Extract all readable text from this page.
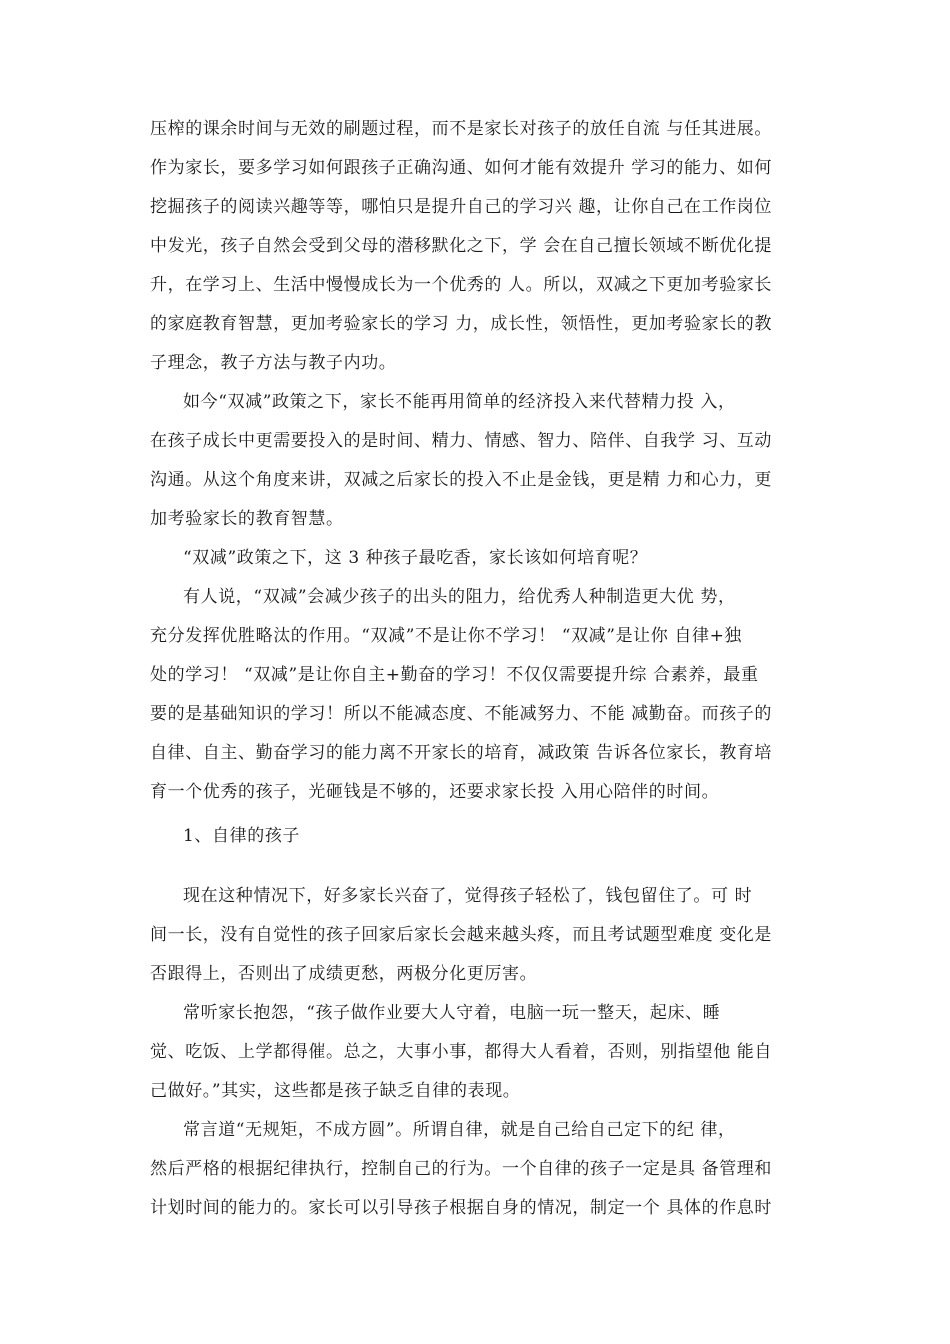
压榨的课余时间与无效的刷题过程，而不是家长对孩子的放任自流 与任其进展。
作为家长，要多学习如何跟孩子正确沟通、如何才能有效提升 学习的能力、如何
挖掘孩子的阅读兴趣等等，哪怕只是提升自己的学习兴 趣，让你自己在工作岗位
中发光，孩子自然会受到父母的潜移默化之下，学 会在自己擅长领域不断优化提
升，在学习上、生活中慢慢成长为一个优秀的 人。所以，双减之下更加考验家长
的家庭教育智慧，更加考验家长的学习 力，成长性，领悟性，更加考验家长的教
子理念，教子方法与教子内功。
如今“双减”政策之下，家长不能再用简单的经济投入来代替精力投 入，
在孩子成长中更需要投入的是时间、精力、情感、智力、陪伴、自我学 习、互动
沟通。从这个角度来讲，双减之后家长的投入不止是金钱，更是精 力和心力，更
加考验家长的教育智慧。
“双减”政策之下，这 3 种孩子最吃香，家长该如何培育呢？
有人说，“双减”会减少孩子的出头的阻力，给优秀人种制造更大优 势，
充分发挥优胜略汰的作用。“双减”不是让你不学习！ “双减”是让你 自律+独
处的学习！ “双减”是让你自主+勤奋的学习！不仅仅需要提升综 合素养，最重
要的是基础知识的学习！所以不能减态度、不能减努力、不能 减勤奋。而孩子的
自律、自主、勤奋学习的能力离不开家长的培育，减政策 告诉各位家长，教育培
育一个优秀的孩子，光砸钱是不够的，还要求家长投 入用心陪伴的时间。
1、自律的孩子
现在这种情况下，好多家长兴奋了，觉得孩子轻松了，钱包留住了。可 时
间一长，没有自觉性的孩子回家后家长会越来越头疼，而且考试题型难度 变化是
否跟得上，否则出了成绩更愁，两极分化更厉害。
常听家长抱怨，“孩子做作业要大人守着，电脑一玩一整天，起床、睡
觉、吃饭、上学都得催。总之，大事小事，都得大人看着，否则，别指望他 能自
己做好。”其实，这些都是孩子缺乏自律的表现。
常言道“无规矩，不成方圆”。所谓自律，就是自己给自己定下的纪 律，
然后严格的根据纪律执行，控制自己的行为。一个自律的孩子一定是具 备管理和
计划时间的能力的。家长可以引导孩子根据自身的情况，制定一个 具体的作息时
